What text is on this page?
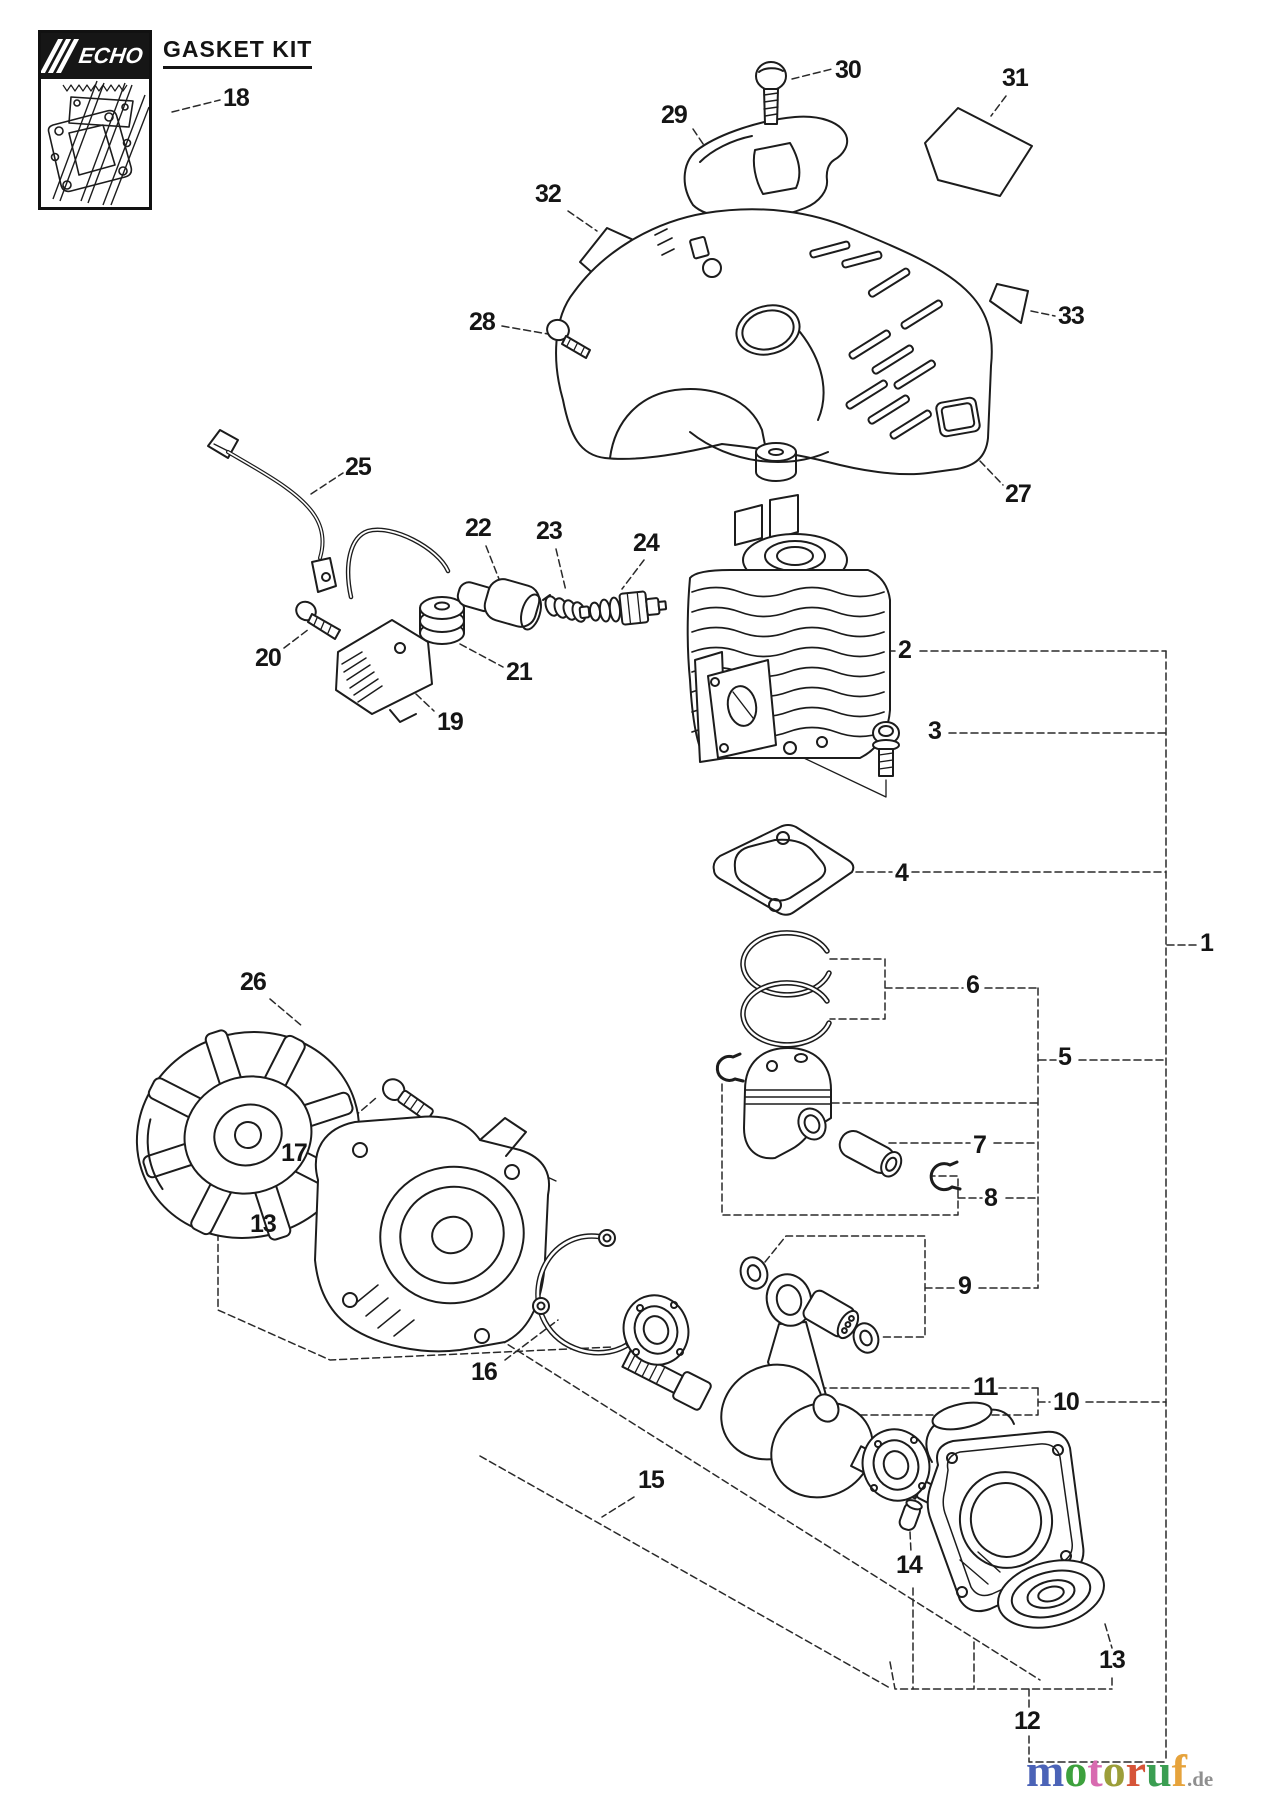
ECHO GASKET KIT
18
30
29
31
32
28	33
27
25
22 23	24
2
3
20	21
19
4
1
6
26
5
7
17
8
13
9
16
11
10
15
14
13
12
motoruf.de
